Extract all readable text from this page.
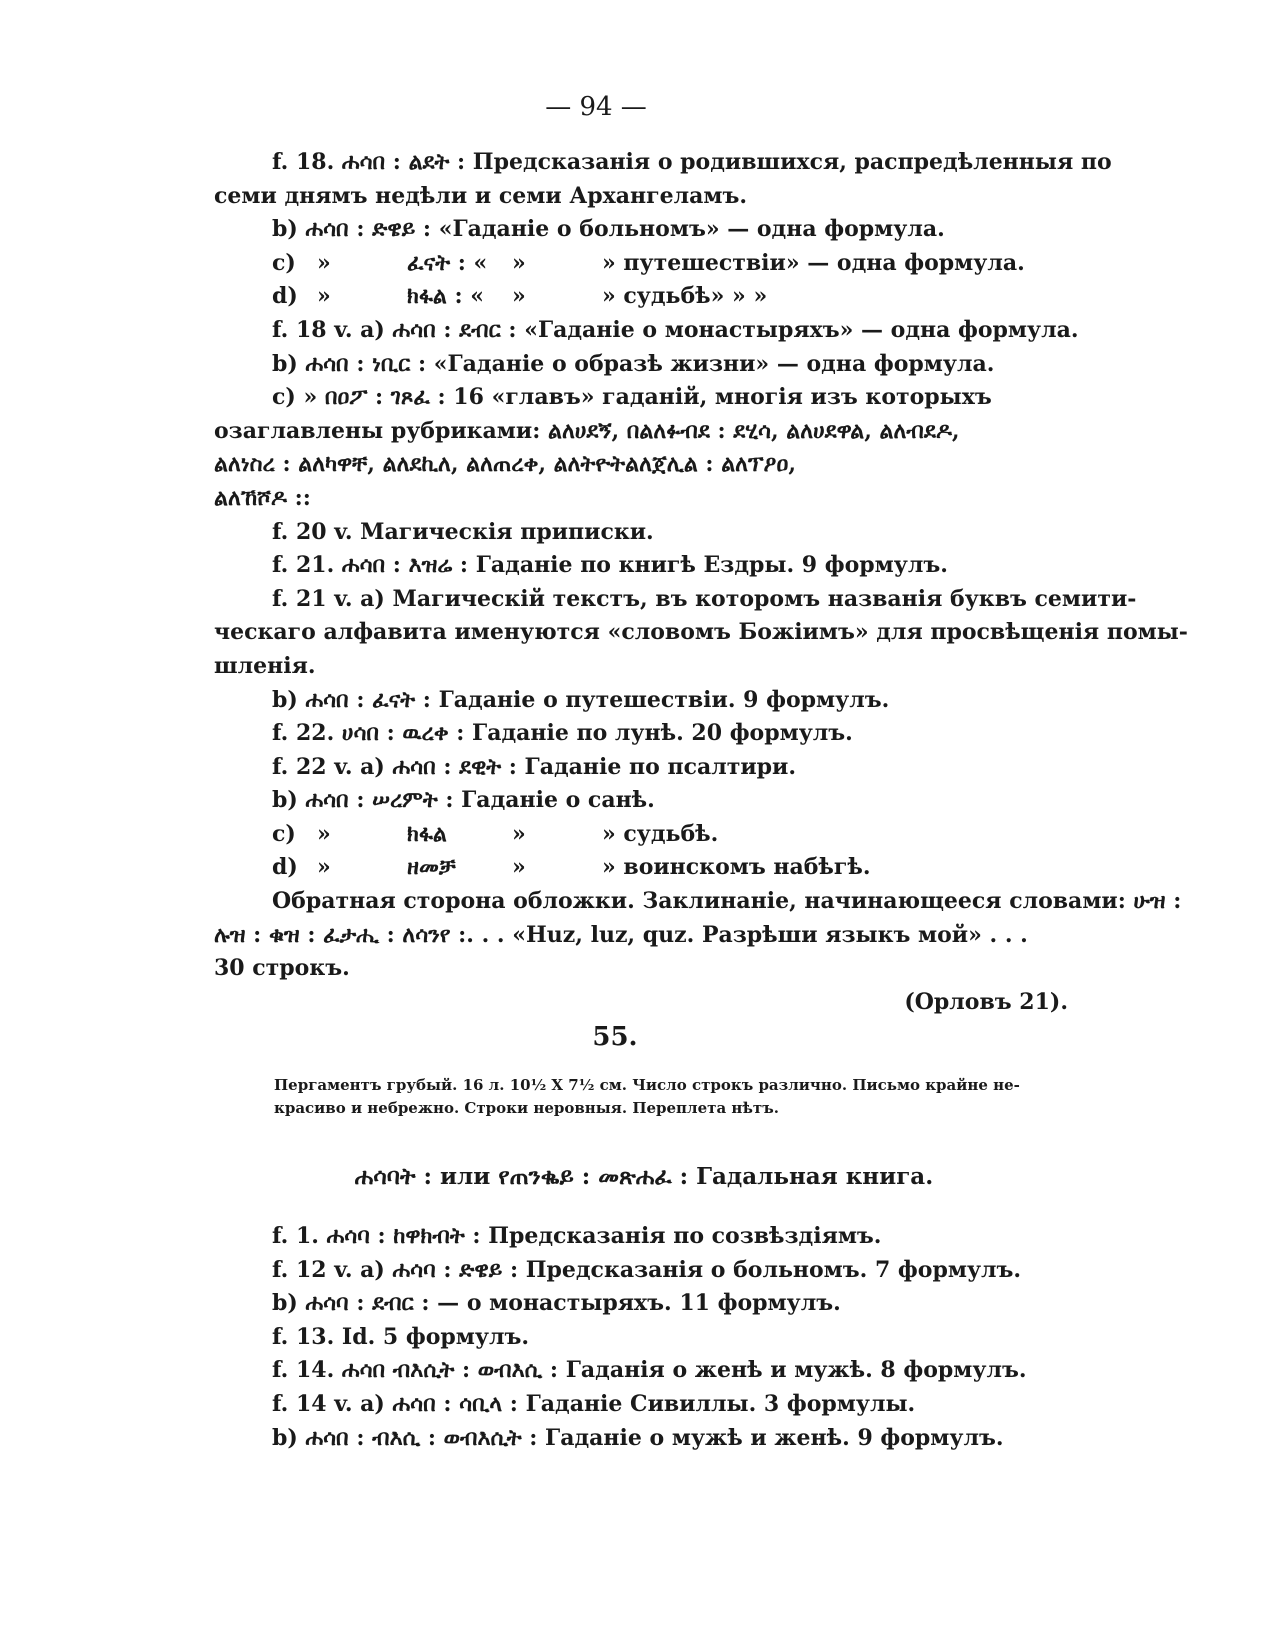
— 94 —
f. 18. ሐሳበ : ልደት : Предсказанія о родившихся, распредѣленныя по
семи днямъ недѣли и семи Архангеламъ.
b) ሐሳበ : ድዌይ : «Гаданіе о больномъ» — одна формула.
c) »	ፈናት : « »	» путешествіи» — одна формула.
d) »	ክፋል : « »	» судьбѣ» » »
f. 18 v. a) ሐሳበ : ደብር : «Гаданіе о монастыряхъ» — одна формула.
b) ሐሳበ : ነቢር : «Гаданіе о образѣ жизни» — одна формула.
c) » በዐፖ : ገጾፈ : 16 «главъ» гаданій, многія изъ которыхъ
озаглавлены рубриками: ልለሀደኝ, በልለፉብደ : ደሂሳ, ልለሀደዋል, ልለብደዶ,
ልለነስረ : ልለካዋቸ, ልለደኪለ, ልለጠረቀ, ልለትዮትልለጀሊል : ልለፕዖዐ,
ልለኸሾዶ ::
f. 20 v. Магическія приписки.
f. 21. ሐሳበ : እዝሬ : Гаданіе по книгѣ Ездры. 9 формулъ.
f. 21 v. a) Магическій текстъ, въ которомъ названія буквъ семити-
ческаго алфавита именуются «словомъ Божіимъ» для просвѣщенія помы-
шленія.
b) ሐሳበ : ፈናት : Гаданіе о путешествіи. 9 формулъ.
f. 22. ሀሳበ : ዉረቀ : Гаданіе по лунѣ. 20 формулъ.
f. 22 v. a) ሐሳበ : ደዊት : Гаданіе по псалтири.
b) ሐሳበ : ሠረምት : Гаданіе о санѣ.
c) »	ክፋል	»	» судьбѣ.
d) »	ዘመቻ	»	» воинскомъ набѣгѣ.
Обратная сторона обложки. Заклинаніе, начинающееся словами: ሁዝ :
ሉዝ : ቁዝ : ፈታሒ : ለሳንየ :. . . «Huz, luz, quz. Разрѣши языкъ мой» . . .
30 строкъ.
(Орловъ 21).
55.
Пергаментъ грубый. 16 л. 10½ X 7½ см. Число строкъ различно. Письмо крайне не-
красиво и небрежно. Строки неровныя. Переплета нѣтъ.
ሐሳባት : или የጠንቈይ : መጽሐፈ : Гадальная книга.
f. 1. ሐሳባ : ከዋክብት : Предсказанія по созвѣздіямъ.
f. 12 v. a) ሐሳባ : ድዌይ : Предсказанія о больномъ. 7 формулъ.
b) ሐሳባ : ደብር : — о монастыряхъ. 11 формулъ.
f. 13. Id. 5 формулъ.
f. 14. ሐሳበ ብእሲት : ወብእሲ : Гаданія о женѣ и мужѣ. 8 формулъ.
f. 14 v. a) ሐሳበ : ሳቢላ : Гаданіе Сивиллы. 3 формулы.
b) ሐሳበ : ብእሲ : ወብእሲት : Гаданіе о мужѣ и женѣ. 9 формулъ.
